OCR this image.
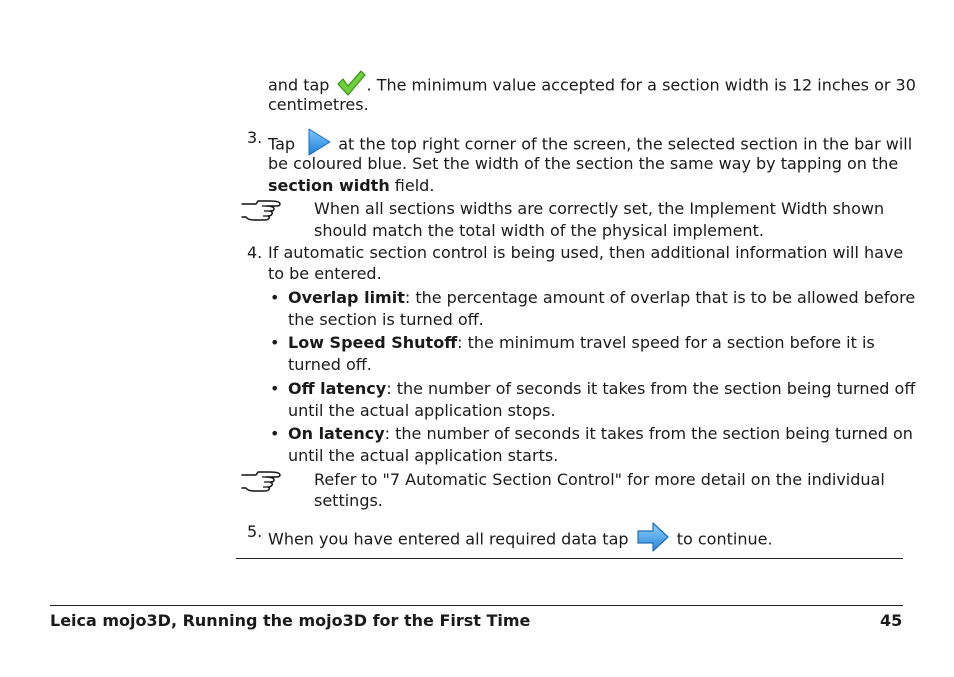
and tap . The minimum value accepted for a section width is 12 inches or 30
centimetres.
3. Tap	at the top right corner of the screen, the selected section in the bar will
be coloured blue. Set the width of the section the same way by tapping on the
section width field.
When all sections widths are correctly set, the Implement Width shown
should match the total width of the physical implement.
4. If automatic section control is being used, then additional information will have
to be entered.
• Overlap limit: the percentage amount of overlap that is to be allowed before
the section is turned off.
• Low Speed Shutoff: the minimum travel speed for a section before it is
turned off.
• Off latency: the number of seconds it takes from the section being turned off
until the actual application stops.
• On latency: the number of seconds it takes from the section being turned on
until the actual application starts.
Refer to "7 Automatic Section Control" for more detail on the individual
settings.
5. When you have entered all required data tap	to continue.
Leica mojo3D, Running the mojo3D for the First Time	45
